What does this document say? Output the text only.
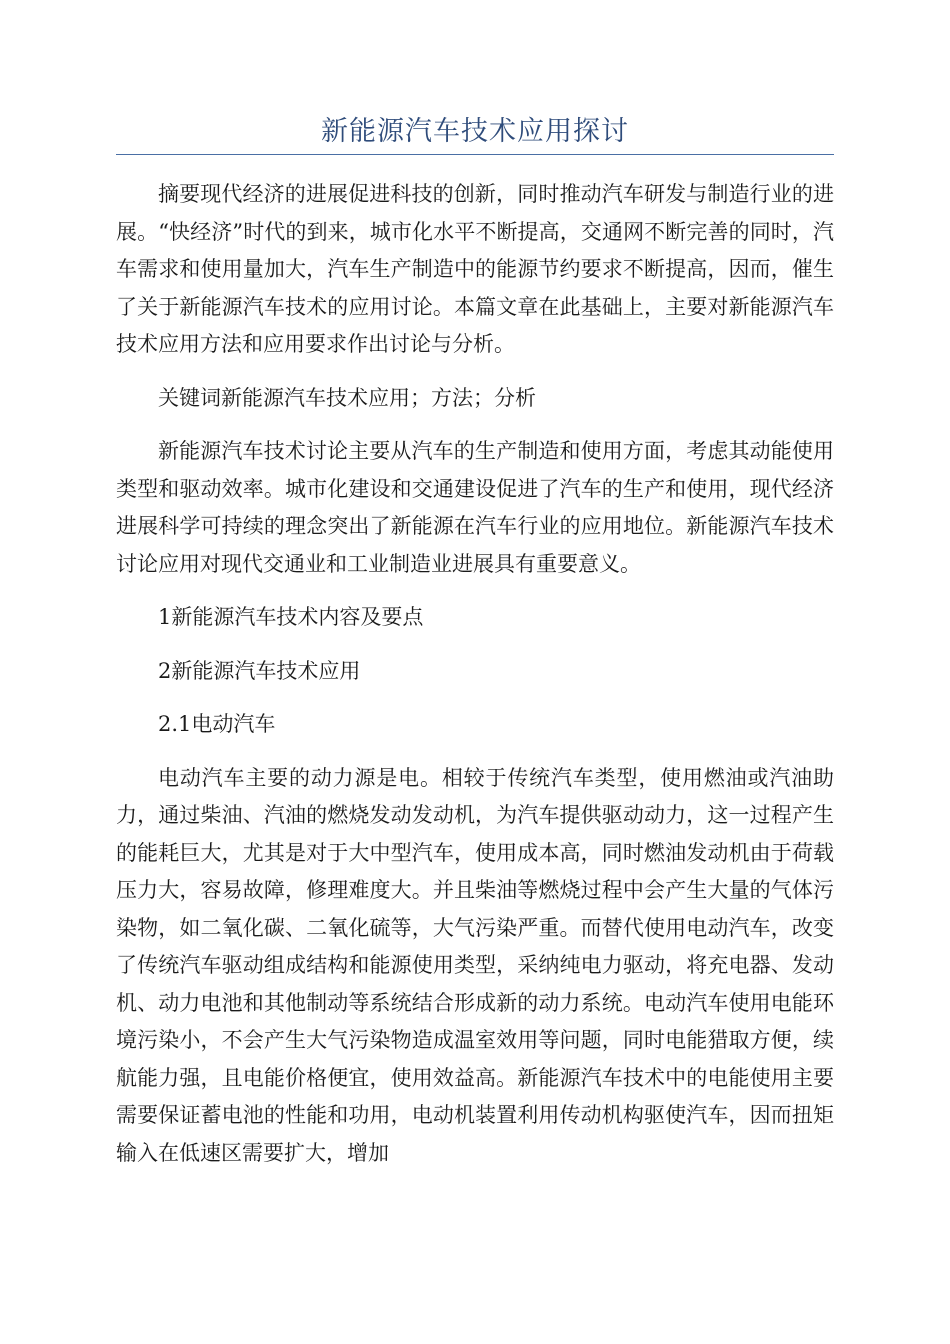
新能源汽车技术应用探讨

摘要现代经济的进展促进科技的创新，同时推动汽车研发与制造行业的进展。“快经济”时代的到来，城市化水平不断提高，交通网不断完善的同时，汽车需求和使用量加大，汽车生产制造中的能源节约要求不断提高，因而，催生了关于新能源汽车技术的应用讨论。本篇文章在此基础上，主要对新能源汽车技术应用方法和应用要求作出讨论与分析。

关键词新能源汽车技术应用；方法；分析

新能源汽车技术讨论主要从汽车的生产制造和使用方面，考虑其动能使用类型和驱动效率。城市化建设和交通建设促进了汽车的生产和使用，现代经济进展科学可持续的理念突出了新能源在汽车行业的应用地位。新能源汽车技术讨论应用对现代交通业和工业制造业进展具有重要意义。

1新能源汽车技术内容及要点

2新能源汽车技术应用

2.1电动汽车

电动汽车主要的动力源是电。相较于传统汽车类型，使用燃油或汽油助力，通过柴油、汽油的燃烧发动发动机，为汽车提供驱动动力，这一过程产生的能耗巨大，尤其是对于大中型汽车，使用成本高，同时燃油发动机由于荷载压力大，容易故障，修理难度大。并且柴油等燃烧过程中会产生大量的气体污染物，如二氧化碳、二氧化硫等，大气污染严重。而替代使用电动汽车，改变了传统汽车驱动组成结构和能源使用类型，采纳纯电力驱动，将充电器、发动机、动力电池和其他制动等系统结合形成新的动力系统。电动汽车使用电能环境污染小，不会产生大气污染物造成温室效用等问题，同时电能猎取方便，续航能力强，且电能价格便宜，使用效益高。新能源汽车技术中的电能使用主要需要保证蓄电池的性能和功用，电动机装置利用传动机构驱使汽车，因而扭矩输入在低速区需要扩大，增加
